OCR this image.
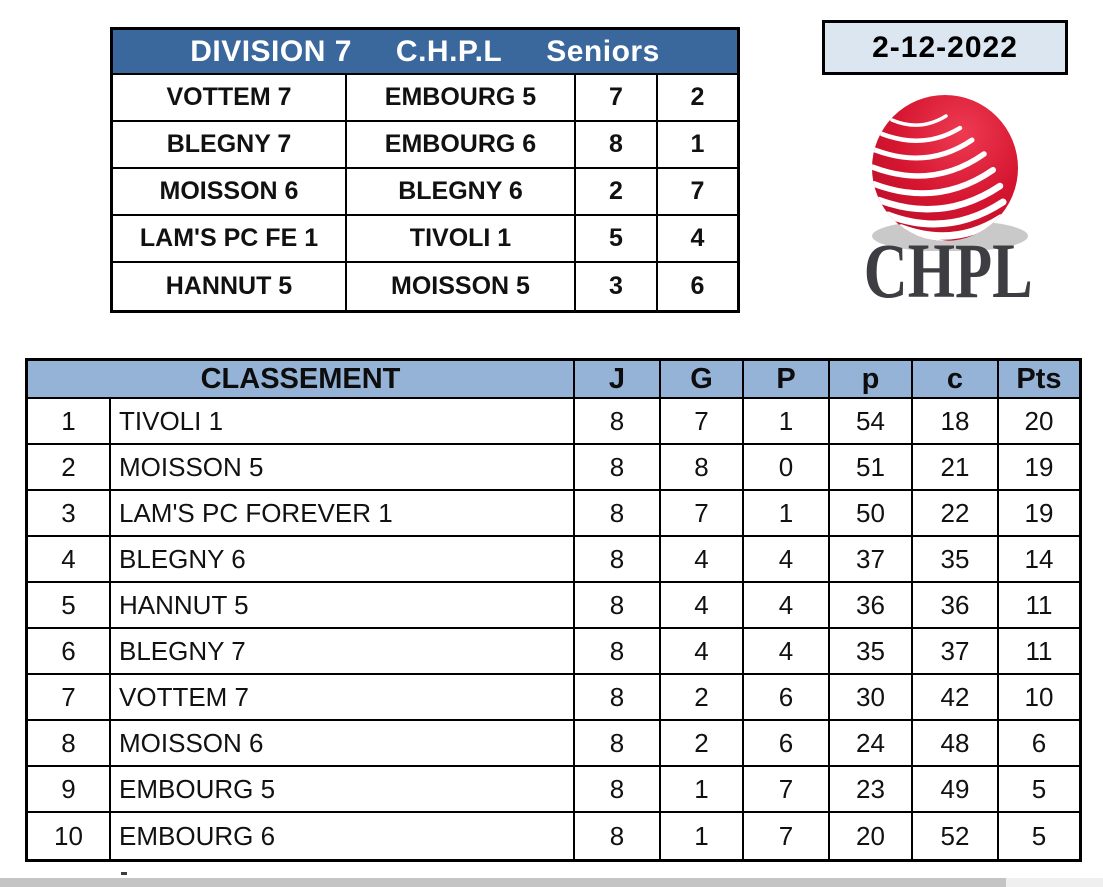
DIVISION 7 C.H.P.L Seniors
VOTTEM 7	EMBOURG 5	7	2
BLEGNY 7	EMBOURG 6	8	1
MOISSON 6	BLEGNY 6	2	7
LAM'S PC FE 1	TIVOLI 1	5	4
HANNUT 5	MOISSON 5	3	6
2-12-2022
CHPL
CLASSEMENT	J	G	P	p	c	Pts
1	TIVOLI 1	8	7	1	54	18	20
2	MOISSON 5	8	8	0	51	21	19
3	LAM'S PC FOREVER 1	8	7	1	50	22	19
4	BLEGNY 6	8	4	4	37	35	14
5	HANNUT 5	8	4	4	36	36	11
6	BLEGNY 7	8	4	4	35	37	11
7	VOTTEM 7	8	2	6	30	42	10
8	MOISSON 6	8	2	6	24	48	6
9	EMBOURG 5	8	1	7	23	49	5
10	EMBOURG 6	8	1	7	20	52	5
